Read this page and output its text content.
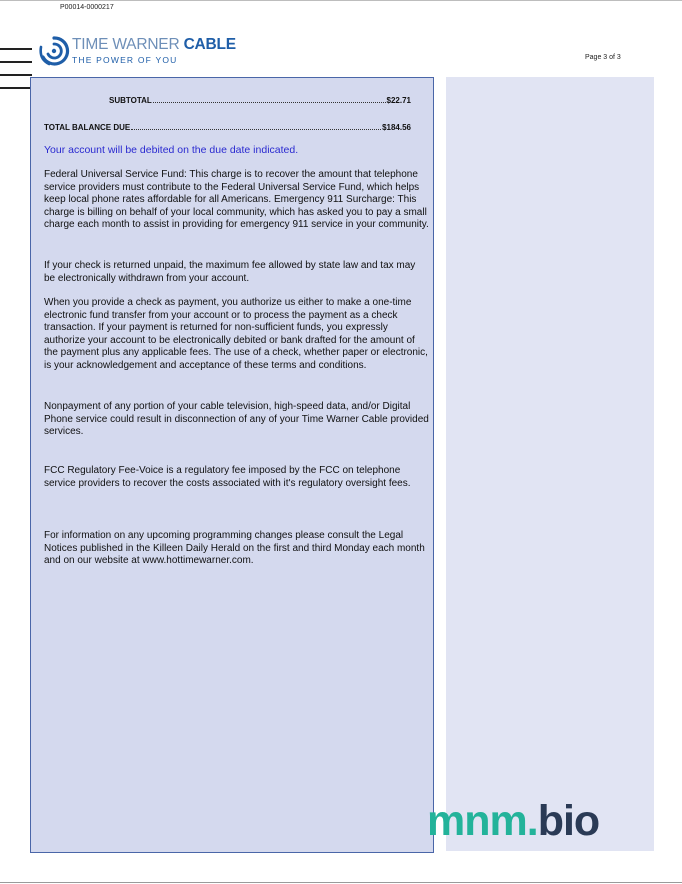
P00014-0000217
Page 3 of 3
TIME WARNER CABLE
THE POWER OF YOU
SUBTOTAL	$22.71
TOTAL BALANCE DUE	$184.56
Your account will be debited on the due date indicated.

Federal Universal Service Fund: This charge is to recover the amount that telephone service providers must contribute to the Federal Universal Service Fund, which helps keep local phone rates affordable for all Americans. Emergency 911 Surcharge: This charge is billing on behalf of your local community, which has asked you to pay a small charge each month to assist in providing for emergency 911 service in your community.

If your check is returned unpaid, the maximum fee allowed by state law and tax may be electronically withdrawn from your account.

When you provide a check as payment, you authorize us either to make a one-time electronic fund transfer from your account or to process the payment as a check transaction. If your payment is returned for non-sufficient funds, you expressly authorize your account to be electronically debited or bank drafted for the amount of the payment plus any applicable fees. The use of a check, whether paper or electronic, is your acknowledgement and acceptance of these terms and conditions.

Nonpayment of any portion of your cable television, high-speed data, and/or Digital Phone service could result in disconnection of any of your Time Warner Cable provided services.

FCC Regulatory Fee-Voice is a regulatory fee imposed by the FCC on telephone service providers to recover the costs associated with it's regulatory oversight fees.

For information on any upcoming programming changes please consult the Legal Notices published in the Killeen Daily Herald on the first and third Monday each month and on our website at www.hottimewarner.com.

mnm.bio
